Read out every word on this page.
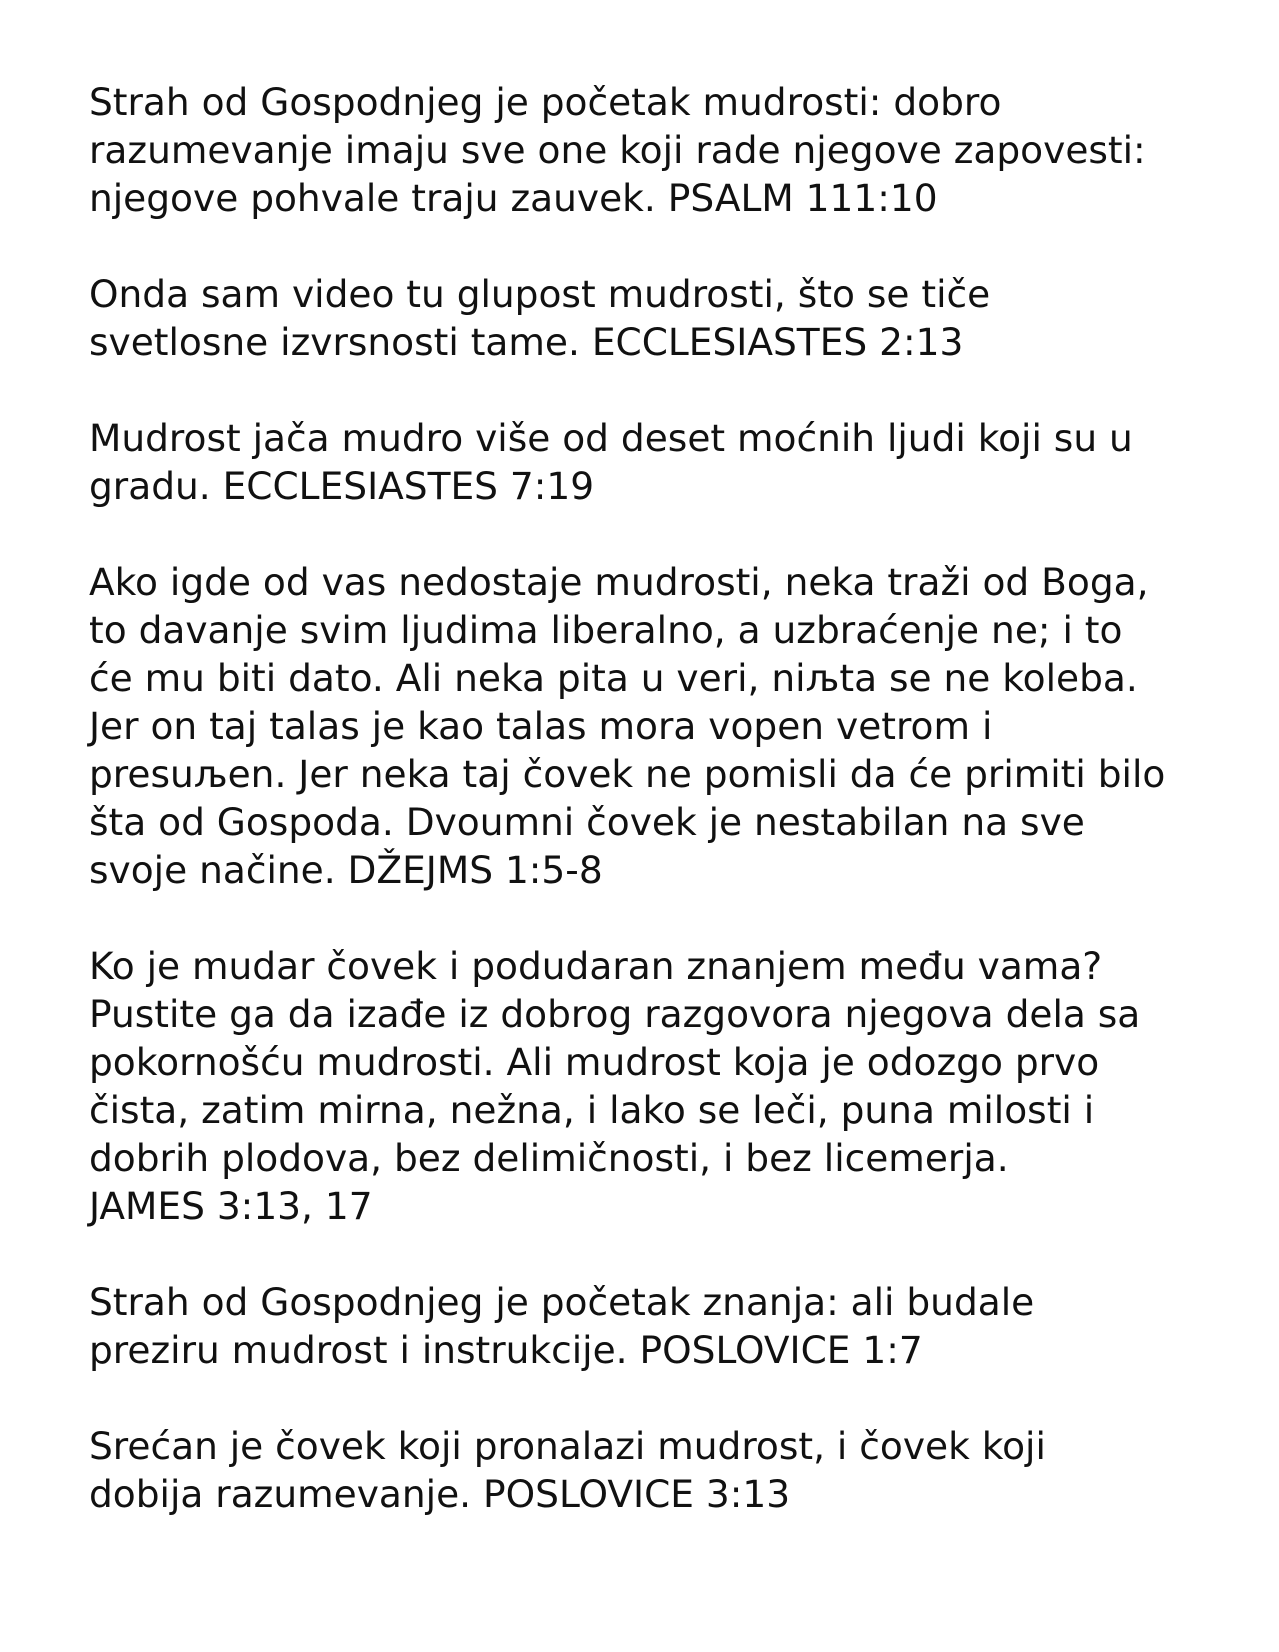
Strah od Gospodnjeg je početak mudrosti: dobro
razumevanje imaju sve one koji rade njegove zapovesti:
njegove pohvale traju zauvek. PSALM 111:10
Onda sam video tu glupost mudrosti, što se tiče
svetlosne izvrsnosti tame. ECCLESIASTES 2:13
Mudrost jača mudro više od deset moćnih ljudi koji su u
gradu. ECCLESIASTES 7:19
Ako igde od vas nedostaje mudrosti, neka traži od Boga,
to davanje svim ljudima liberalno, a uzbraćenje ne; i to
će mu biti dato. Ali neka pita u veri, niљta se ne koleba.
Jer on taj talas je kao talas mora vopen vetrom i
presuљen. Jer neka taj čovek ne pomisli da će primiti bilo
šta od Gospoda. Dvoumni čovek je nestabilan na sve
svoje načine. DŽEJMS 1:5-8
Ko je mudar čovek i podudaran znanjem među vama?
Pustite ga da izađe iz dobrog razgovora njegova dela sa
pokornošću mudrosti. Ali mudrost koja je odozgo prvo
čista, zatim mirna, nežna, i lako se leči, puna milosti i
dobrih plodova, bez delimičnosti, i bez licemerja.
JAMES 3:13, 17
Strah od Gospodnjeg je početak znanja: ali budale
preziru mudrost i instrukcije. POSLOVICE 1:7
Srećan je čovek koji pronalazi mudrost, i čovek koji
dobija razumevanje. POSLOVICE 3:13
